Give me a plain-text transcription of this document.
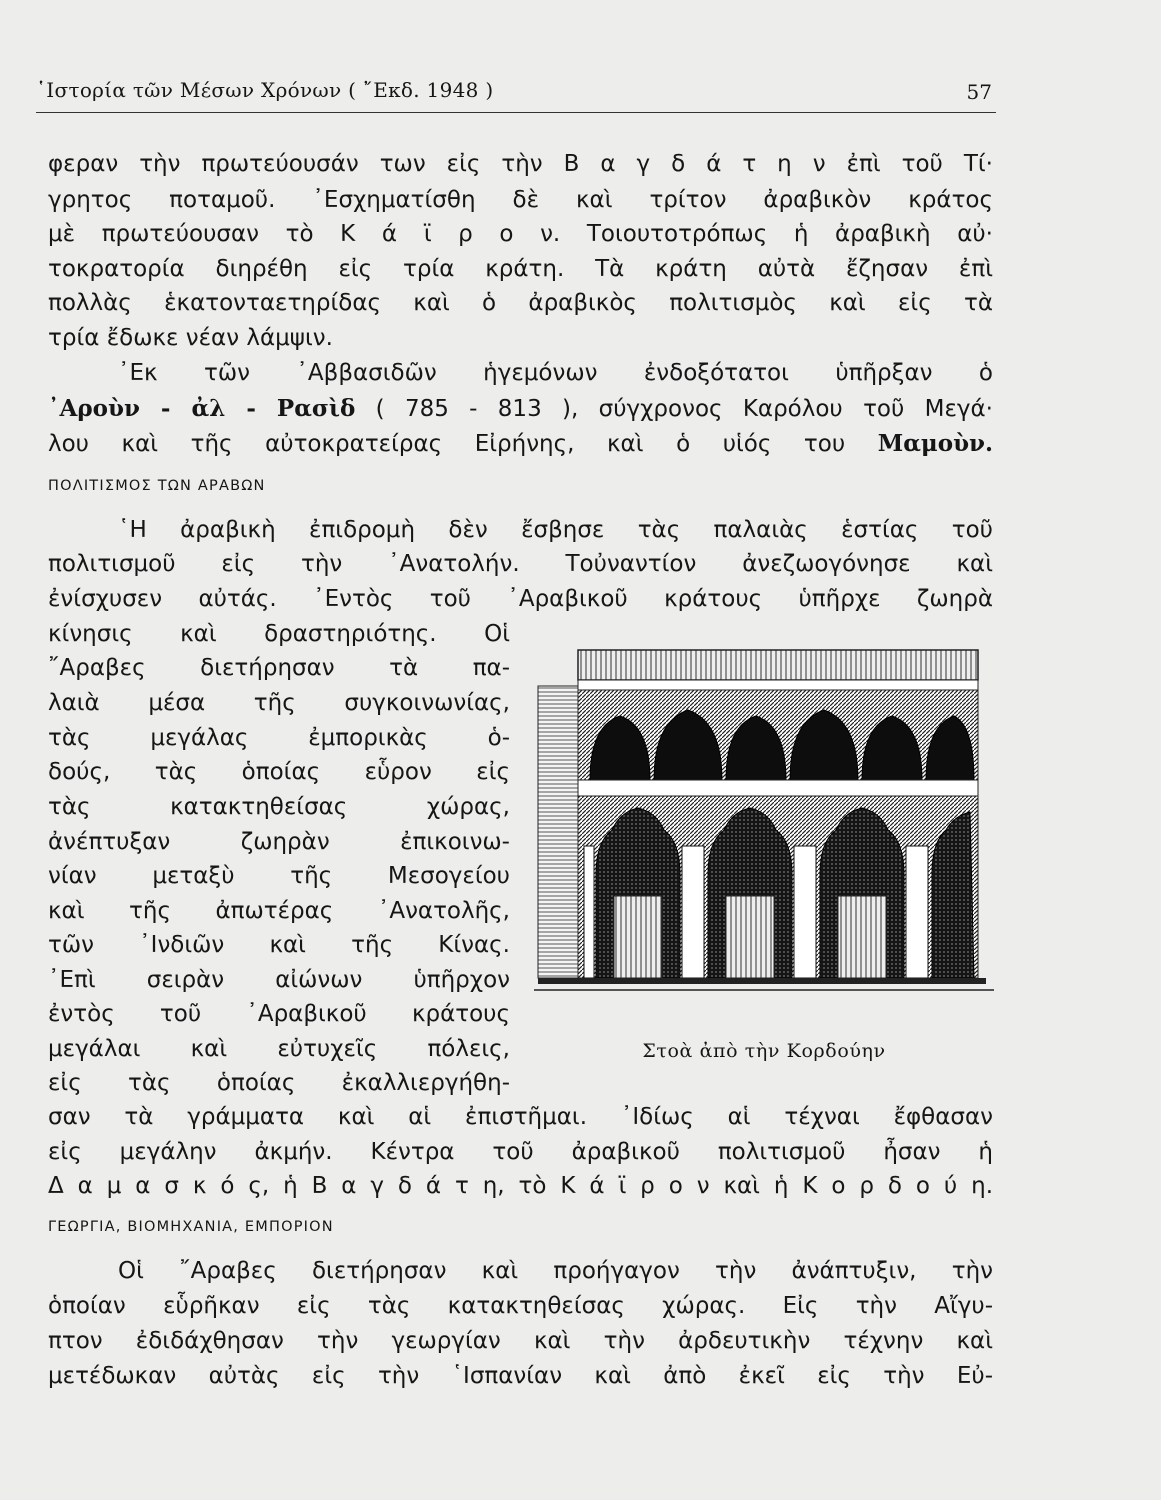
῾Ιστορία τῶν Μέσων Χρόνων ( ῎Εκδ. 1948 )	57
φεραν τὴν πρωτεύουσάν των εἰς τὴν Β α γ δ ά τ η ν ἐπὶ τοῦ Τί·
γρητος ποταμοῦ. ᾿Εσχηματίσθη δὲ καὶ τρίτον ἀραβικὸν κράτος
μὲ πρωτεύουσαν τὸ Κ ά ϊ ρ ο ν. Τοιουτοτρόπως ἡ ἀραβικὴ αὐ·
τοκρατορία διηρέθη εἰς τρία κράτη. Τὰ κράτη αὐτὰ ἔζησαν ἐπὶ
πολλὰς ἑκατονταετηρίδας καὶ ὁ ἀραβικὸς πολιτισμὸς καὶ εἰς τὰ
τρία ἔδωκε νέαν λάμψιν.
᾿Εκ τῶν ᾿Αββασιδῶν ἡγεμόνων ἐνδοξότατοι ὑπῆρξαν ὁ
᾿Αροὺν - ἀλ - Ρασὶδ ( 785 - 813 ), σύγχρονος Καρόλου τοῦ Μεγά·
λου καὶ τῆς αὐτοκρατείρας Εἰρήνης, καὶ ὁ υἱός του Μαμοὺν.
ΠΟΛΙΤΙΣΜΟΣ ΤΩΝ ΑΡΑΒΩΝ
῾Η ἀραβικὴ ἐπιδρομὴ δὲν ἔσβησε τὰς παλαιὰς ἑστίας τοῦ
πολιτισμοῦ εἰς τὴν ᾿Ανατολήν. Τοὐναντίον ἀνεζωογόνησε καὶ
ἐνίσχυσεν αὐτάς. ᾿Εντὸς τοῦ ᾿Αραβικοῦ κράτους ὑπῆρχε ζωηρὰ
κίνησις καὶ δραστηριότης. Οἱ
῎Αραβες διετήρησαν τὰ πα-
λαιὰ μέσα τῆς συγκοινωνίας,
τὰς μεγάλας ἐμπορικὰς ὁ-
δούς, τὰς ὁποίας εὗρον εἰς
τὰς κατακτηθείσας χώρας,
ἀνέπτυξαν ζωηρὰν ἐπικοινω-
νίαν μεταξὺ τῆς Μεσογείου
καὶ τῆς ἀπωτέρας ᾿Ανατολῆς,
τῶν ᾿Ινδιῶν καὶ τῆς Κίνας.
᾿Επὶ σειρὰν αἰώνων ὑπῆρχον
ἐντὸς τοῦ ᾿Αραβικοῦ κράτους
μεγάλαι καὶ εὐτυχεῖς πόλεις,
εἰς τὰς ὁποίας ἐκαλλιεργήθη-
Στοὰ ἀπὸ τὴν Κορδούην
σαν τὰ γράμματα καὶ αἱ ἐπιστῆμαι. ᾿Ιδίως αἱ τέχναι ἔφθασαν
εἰς μεγάλην ἀκμήν. Κέντρα τοῦ ἀραβικοῦ πολιτισμοῦ ἦσαν ἡ
Δ α μ α σ κ ό ς, ἡ Β α γ δ ά τ η, τὸ Κ ά ϊ ρ ο ν καὶ ἡ Κ ο ρ δ ο ύ η.
ΓΕΩΡΓΙΑ, ΒΙΟΜΗΧΑΝΙΑ, ΕΜΠΟΡΙΟΝ
Οἱ ῎Αραβες διετήρησαν καὶ προήγαγον τὴν ἀνάπτυξιν, τὴν
ὁποίαν εὗρῆκαν εἰς τὰς κατακτηθείσας χώρας. Εἰς τὴν Αἴγυ-
πτον ἐδιδάχθησαν τὴν γεωργίαν καὶ τὴν ἀρδευτικὴν τέχνην καὶ
μετέδωκαν αὐτὰς εἰς τὴν ῾Ισπανίαν καὶ ἀπὸ ἐκεῖ εἰς τὴν Εὐ-
